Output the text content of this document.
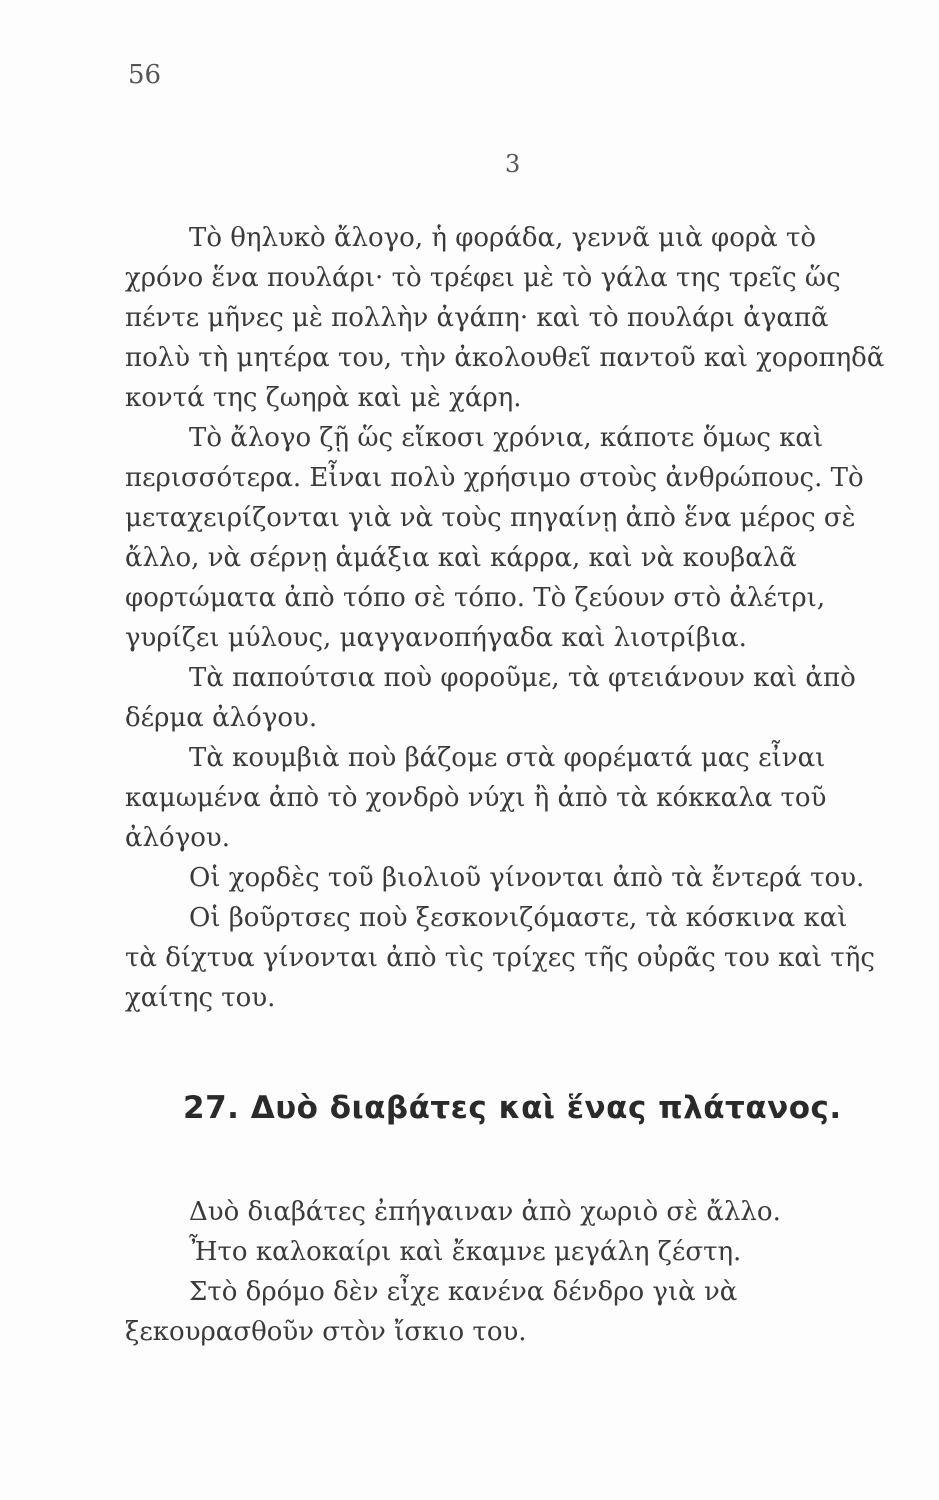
56
3

Τὸ θηλυκὸ ἄλογο, ἡ φοράδα, γεννᾶ μιὰ φορὰ τὸ χρόνο ἕνα πουλάρι· τὸ τρέφει μὲ τὸ γάλα της τρεῖς ὥς πέντε μῆνες μὲ πολλὴν ἀγάπη· καὶ τὸ πουλάρι ἀγαπᾶ πολὺ τὴ μητέρα του, τὴν ἀκολουθεῖ παντοῦ καὶ χοροπηδᾶ κοντά της ζωηρὰ καὶ μὲ χάρη.

Τὸ ἄλογο ζῇ ὥς εἴκοσι χρόνια, κάποτε ὅμως καὶ περισσότερα. Εἶναι πολὺ χρήσιμο στοὺς ἀνθρώπους. Τὸ μεταχειρίζονται γιὰ νὰ τοὺς πηγαίνῃ ἀπὸ ἕνα μέρος σὲ ἄλλο, νὰ σέρνῃ ἁμάξια καὶ κάρρα, καὶ νὰ κουβαλᾶ φορτώματα ἀπὸ τόπο σὲ τόπο. Τὸ ζεύουν στὸ ἀλέτρι, γυρίζει μύλους, μαγγανοπήγαδα καὶ λιοτρίβια.

Τὰ παπούτσια ποὺ φοροῦμε, τὰ φτειάνουν καὶ ἀπὸ δέρμα ἀλόγου.

Τὰ κουμβιὰ ποὺ βάζομε στὰ φορέματά μας εἶναι καμωμένα ἀπὸ τὸ χονδρὸ νύχι ἢ ἀπὸ τὰ κόκκαλα τοῦ ἀλόγου.

Οἱ χορδὲς τοῦ βιολιοῦ γίνονται ἀπὸ τὰ ἔντερά του.

Οἱ βοῦρτσες ποὺ ξεσκονιζόμαστε, τὰ κόσκινα καὶ τὰ δίχτυα γίνονται ἀπὸ τὶς τρίχες τῆς οὐρᾶς του καὶ τῆς χαίτης του.

27. Δυὸ διαβάτες καὶ ἕνας πλάτανος.

Δυὸ διαβάτες ἐπήγαιναν ἀπὸ χωριὸ σὲ ἄλλο.

Ἦτο καλοκαίρι καὶ ἔκαμνε μεγάλη ζέστη.

Στὸ δρόμο δὲν εἶχε κανένα δένδρο γιὰ νὰ ξεκουρασθοῦν στὸν ἴσκιο του.
